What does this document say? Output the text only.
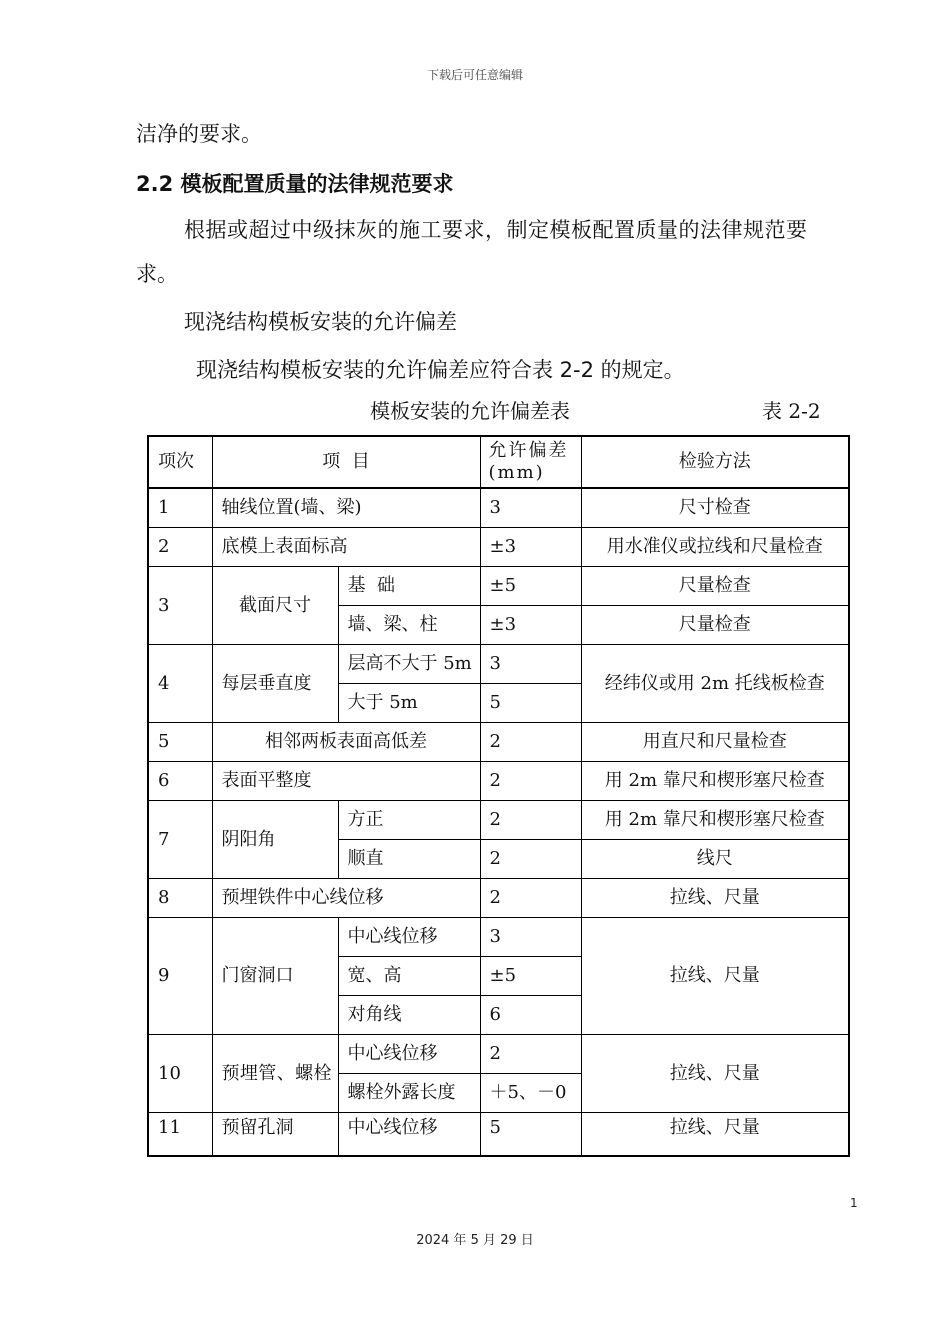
下载后可任意编辑
洁净的要求。
2.2 模板配置质量的法律规范要求
根据或超过中级抹灰的施工要求，制定模板配置质量的法律规范要
求。
现浇结构模板安装的允许偏差
现浇结构模板安装的允许偏差应符合表 2-2 的规定。
模板安装的允许偏差表	表 2-2
项次	项  目		允许偏差(mm)	检验方法
1	轴线位置(墙、梁)		3	尺寸检查
2	底模上表面标高		±3	用水准仪或拉线和尺量检查
3	截面尺寸	基  础	±5	尺量检查
		墙、梁、柱	±3	尺量检查
4	每层垂直度	层高不大于 5m	3	经纬仪或用 2m 托线板检查
		大于 5m	5	
5	相邻两板表面高低差		2	用直尺和尺量检查
6	表面平整度		2	用 2m 靠尺和楔形塞尺检查
7	阴阳角	方正	2	用 2m 靠尺和楔形塞尺检查
		顺直	2	线尺
8	预埋铁件中心线位移		2	拉线、尺量
9	门窗洞口	中心线位移	3	拉线、尺量
		宽、高	±5	
		对角线	6	
10	预埋管、螺栓	中心线位移	2	拉线、尺量
		螺栓外露长度	＋5、－0	
11	预留孔洞	中心线位移	5	拉线、尺量
1
2024 年 5 月 29 日
